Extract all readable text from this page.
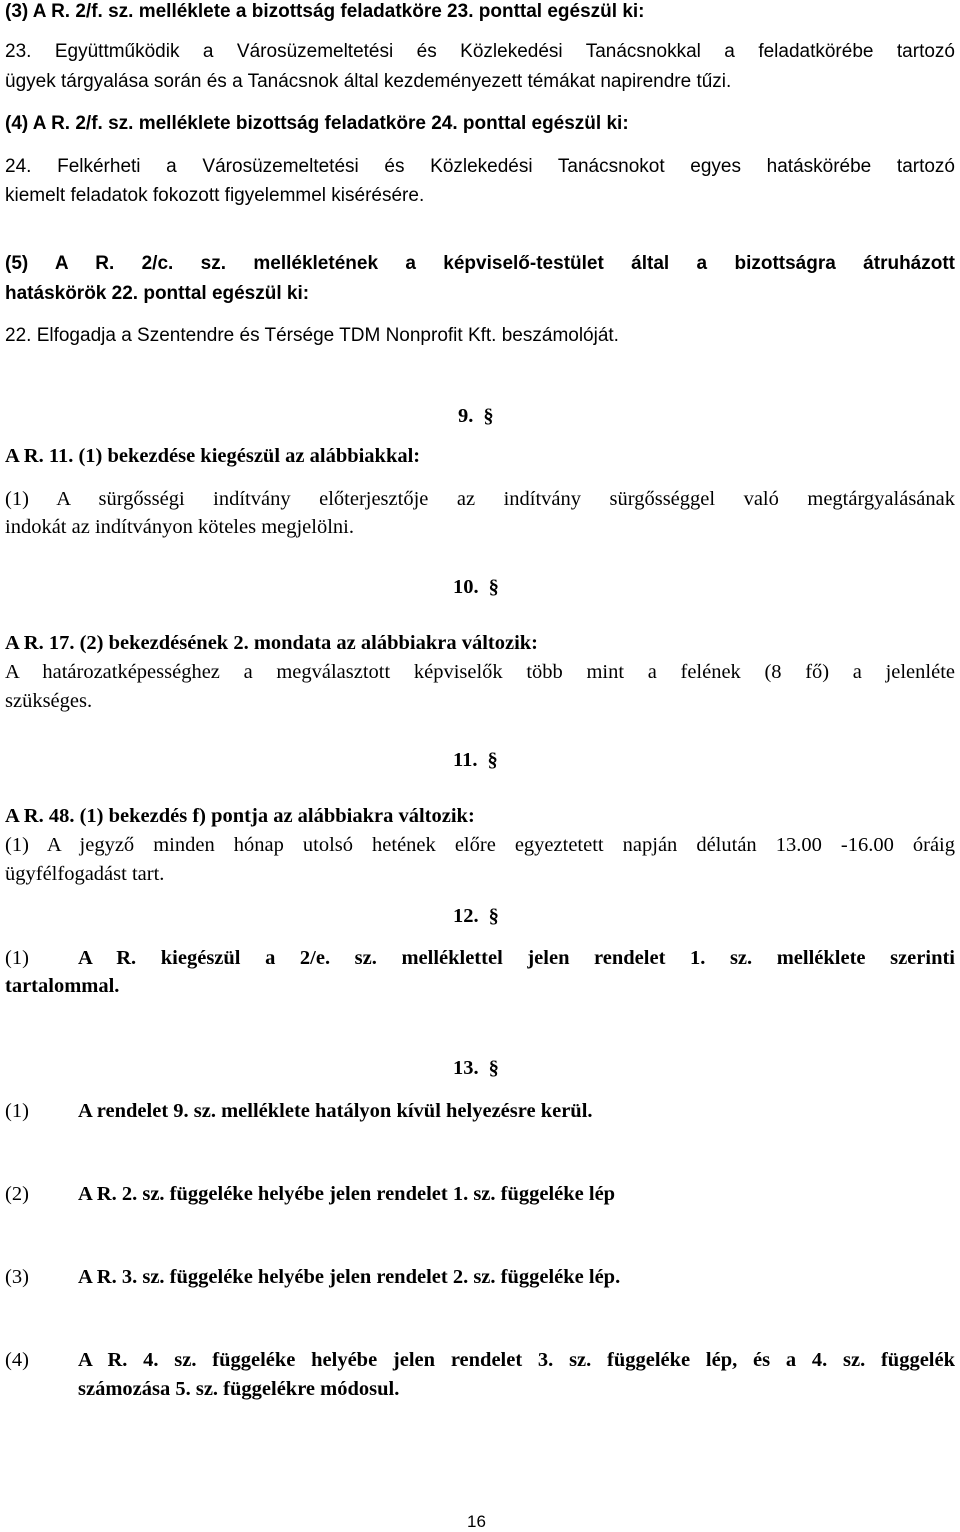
(3) A R. 2/f. sz. melléklete a bizottság feladatköre 23. ponttal egészül ki:
23. Együttműködik a Városüzemeltetési és Közlekedési Tanácsnokkal a feladatkörébe tartozó
ügyek tárgyalása során és a Tanácsnok által kezdeményezett témákat napirendre tűzi.
(4) A R. 2/f. sz. melléklete bizottság feladatköre 24. ponttal egészül ki:
24. Felkérheti a Városüzemeltetési és Közlekedési Tanácsnokot egyes hatáskörébe tartozó
kiemelt feladatok fokozott figyelemmel kisérésére.
(5) A R. 2/c. sz. mellékletének a képviselő-testület által a bizottságra átruházott
hatáskörök 22. ponttal egészül ki:
22. Elfogadja a Szentendre és Térsége TDM Nonprofit Kft. beszámolóját.
9. §
A R. 11. (1) bekezdése kiegészül az alábbiakkal:
(1) A sürgősségi indítvány előterjesztője az indítvány sürgősséggel való megtárgyalásának
indokát az indítványon köteles megjelölni.
10. §
A R. 17. (2) bekezdésének 2. mondata az alábbiakra változik:
A határozatképességhez a megválasztott képviselők több mint a felének (8 fő) a jelenléte
szükséges.
11. §
A R. 48. (1) bekezdés f) pontja az alábbiakra változik:
(1) A jegyző minden hónap utolsó hetének előre egyeztetett napján délután 13.00 -16.00 óráig
ügyfélfogadást tart.
12. §
(1) A R. kiegészül a 2/e. sz. melléklettel jelen rendelet 1. sz. melléklete szerinti
tartalommal.
13. §
(1) A rendelet 9. sz. melléklete hatályon kívül helyezésre kerül.
(2) A R. 2. sz. függeléke helyébe jelen rendelet 1. sz. függeléke lép
(3) A R. 3. sz. függeléke helyébe jelen rendelet 2. sz. függeléke lép.
(4) A R. 4. sz. függeléke helyébe jelen rendelet 3. sz. függeléke lép, és a 4. sz. függelék
számozása 5. sz. függelékre módosul.
16
